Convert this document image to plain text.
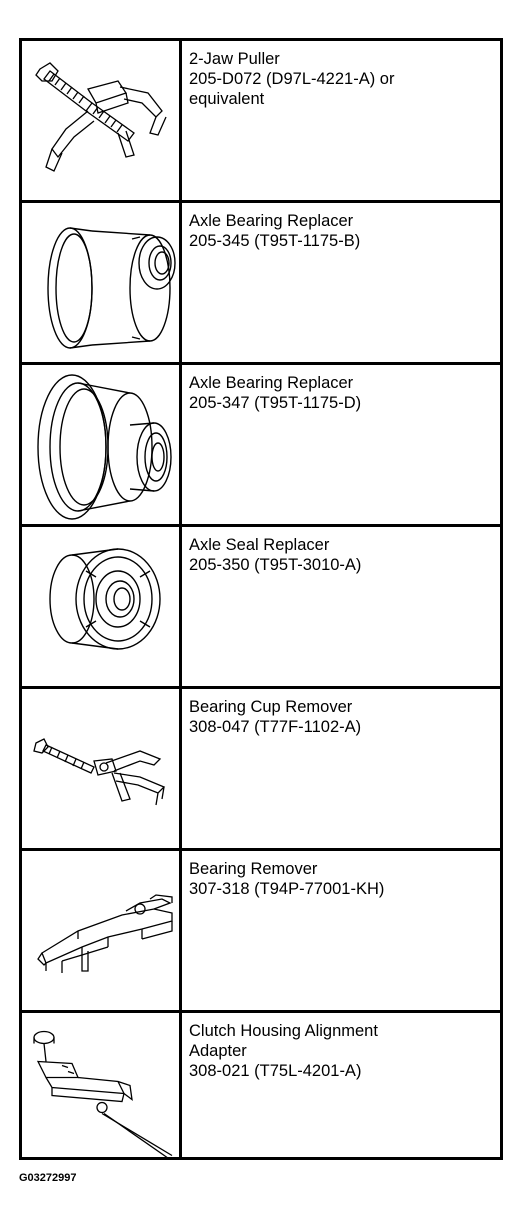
2-Jaw Puller
205-D072 (D97L-4221-A) or
equivalent
Axle Bearing Replacer
205-345 (T95T-1175-B)
Axle Bearing Replacer
205-347 (T95T-1175-D)
Axle Seal Replacer
205-350 (T95T-3010-A)
Bearing Cup Remover
308-047 (T77F-1102-A)
Bearing Remover
307-318 (T94P-77001-KH)
Clutch Housing Alignment
Adapter
308-021 (T75L-4201-A)
G03272997
